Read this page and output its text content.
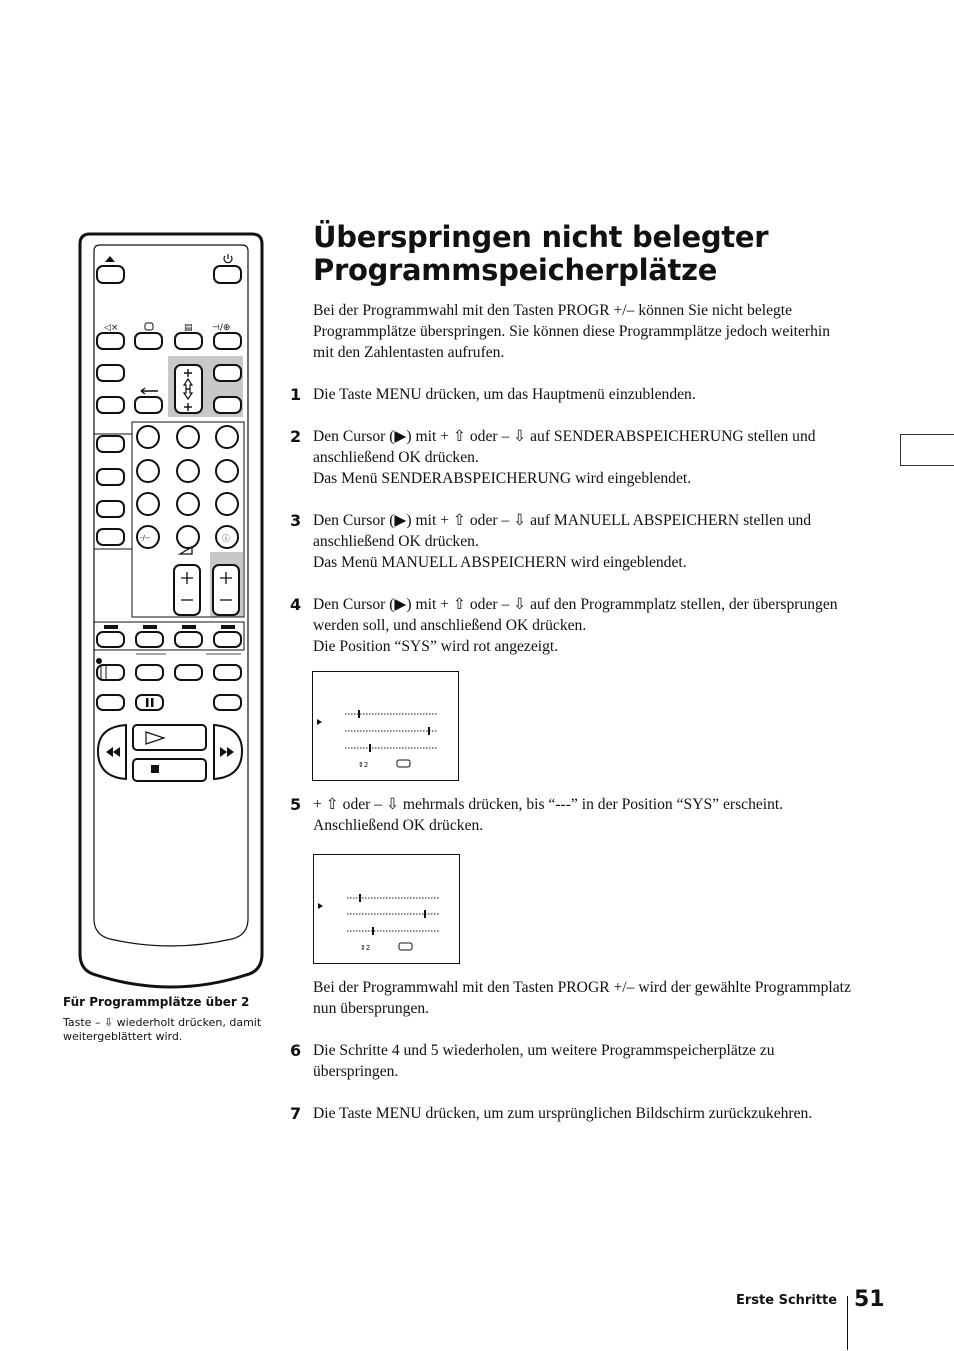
◁×	▤ ⊣/⊕
-/--	ⓘ
Überspringen nicht belegter Programmspeicherplätze

Bei der Programmwahl mit den Tasten PROGR +/– können Sie nicht belegte Programmplätze überspringen. Sie können diese Programmplätze jedoch weiterhin mit den Zahlentasten aufrufen.

1 Die Taste MENU drücken, um das Hauptmenü einzublenden.

2 Den Cursor (▶) mit + ⇧ oder – ⇩ auf SENDERABSPEICHERUNG stellen und anschließend OK drücken.

Das Menü SENDERABSPEICHERUNG wird eingeblendet.

3 Den Cursor (▶) mit + ⇧ oder – ⇩ auf MANUELL ABSPEICHERN stellen und anschließend OK drücken.

Das Menü MANUELL ABSPEICHERN wird eingeblendet.

4 Den Cursor (▶) mit + ⇧ oder – ⇩ auf den Programmplatz stellen, der übersprungen werden soll, und anschließend OK drücken.

Die Position “SYS” wird rot angezeigt.

⇕2
5 + ⇧ oder – ⇩ mehrmals drücken, bis “---” in der Position “SYS” erscheint. Anschließend OK drücken.

⇕2

Bei der Programmwahl mit den Tasten PROGR +/– wird der gewählte Programmplatz nun übersprungen.

6 Die Schritte 4 und 5 wiederholen, um weitere Programmspeicherplätze zu überspringen.

7 Die Taste MENU drücken, um zum ursprünglichen Bildschirm zurückzukehren.

Für Programmplätze über 2
Taste – ⇩ wiederholt drücken, damit weitergeblättert wird.
Erste Schritte 51
